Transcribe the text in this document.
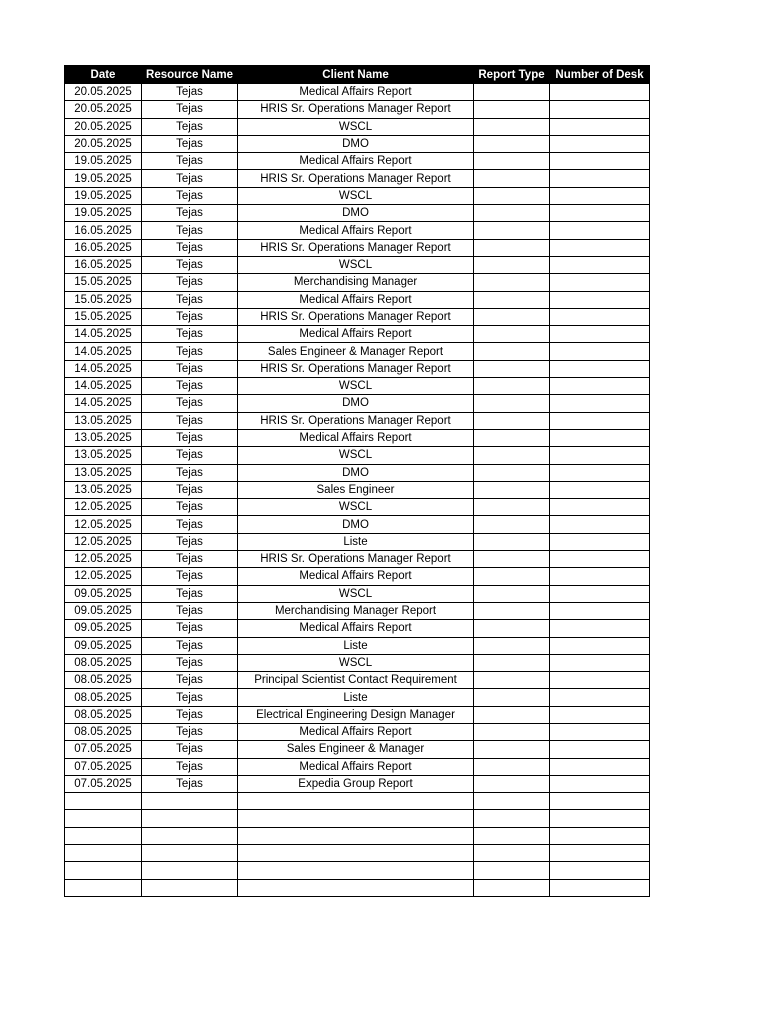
Date	Resource Name	Client Name	Report Type	Number of Desk
20.05.2025	Tejas	Medical Affairs Report		
20.05.2025	Tejas	HRIS Sr. Operations Manager Report		
20.05.2025	Tejas	WSCL		
20.05.2025	Tejas	DMO		
19.05.2025	Tejas	Medical Affairs Report		
19.05.2025	Tejas	HRIS Sr. Operations Manager Report		
19.05.2025	Tejas	WSCL		
19.05.2025	Tejas	DMO		
16.05.2025	Tejas	Medical Affairs Report		
16.05.2025	Tejas	HRIS Sr. Operations Manager Report		
16.05.2025	Tejas	WSCL		
15.05.2025	Tejas	Merchandising Manager		
15.05.2025	Tejas	Medical Affairs Report		
15.05.2025	Tejas	HRIS Sr. Operations Manager Report		
14.05.2025	Tejas	Medical Affairs Report		
14.05.2025	Tejas	Sales Engineer & Manager Report		
14.05.2025	Tejas	HRIS Sr. Operations Manager Report		
14.05.2025	Tejas	WSCL		
14.05.2025	Tejas	DMO		
13.05.2025	Tejas	HRIS Sr. Operations Manager Report		
13.05.2025	Tejas	Medical Affairs Report		
13.05.2025	Tejas	WSCL		
13.05.2025	Tejas	DMO		
13.05.2025	Tejas	Sales Engineer		
12.05.2025	Tejas	WSCL		
12.05.2025	Tejas	DMO		
12.05.2025	Tejas	Liste		
12.05.2025	Tejas	HRIS Sr. Operations Manager Report		
12.05.2025	Tejas	Medical Affairs Report		
09.05.2025	Tejas	WSCL		
09.05.2025	Tejas	Merchandising Manager Report		
09.05.2025	Tejas	Medical Affairs Report		
09.05.2025	Tejas	Liste		
08.05.2025	Tejas	WSCL		
08.05.2025	Tejas	Principal Scientist Contact Requirement		
08.05.2025	Tejas	Liste		
08.05.2025	Tejas	Electrical Engineering Design Manager		
08.05.2025	Tejas	Medical Affairs Report		
07.05.2025	Tejas	Sales Engineer & Manager		
07.05.2025	Tejas	Medical Affairs Report		
07.05.2025	Tejas	Expedia Group Report		
